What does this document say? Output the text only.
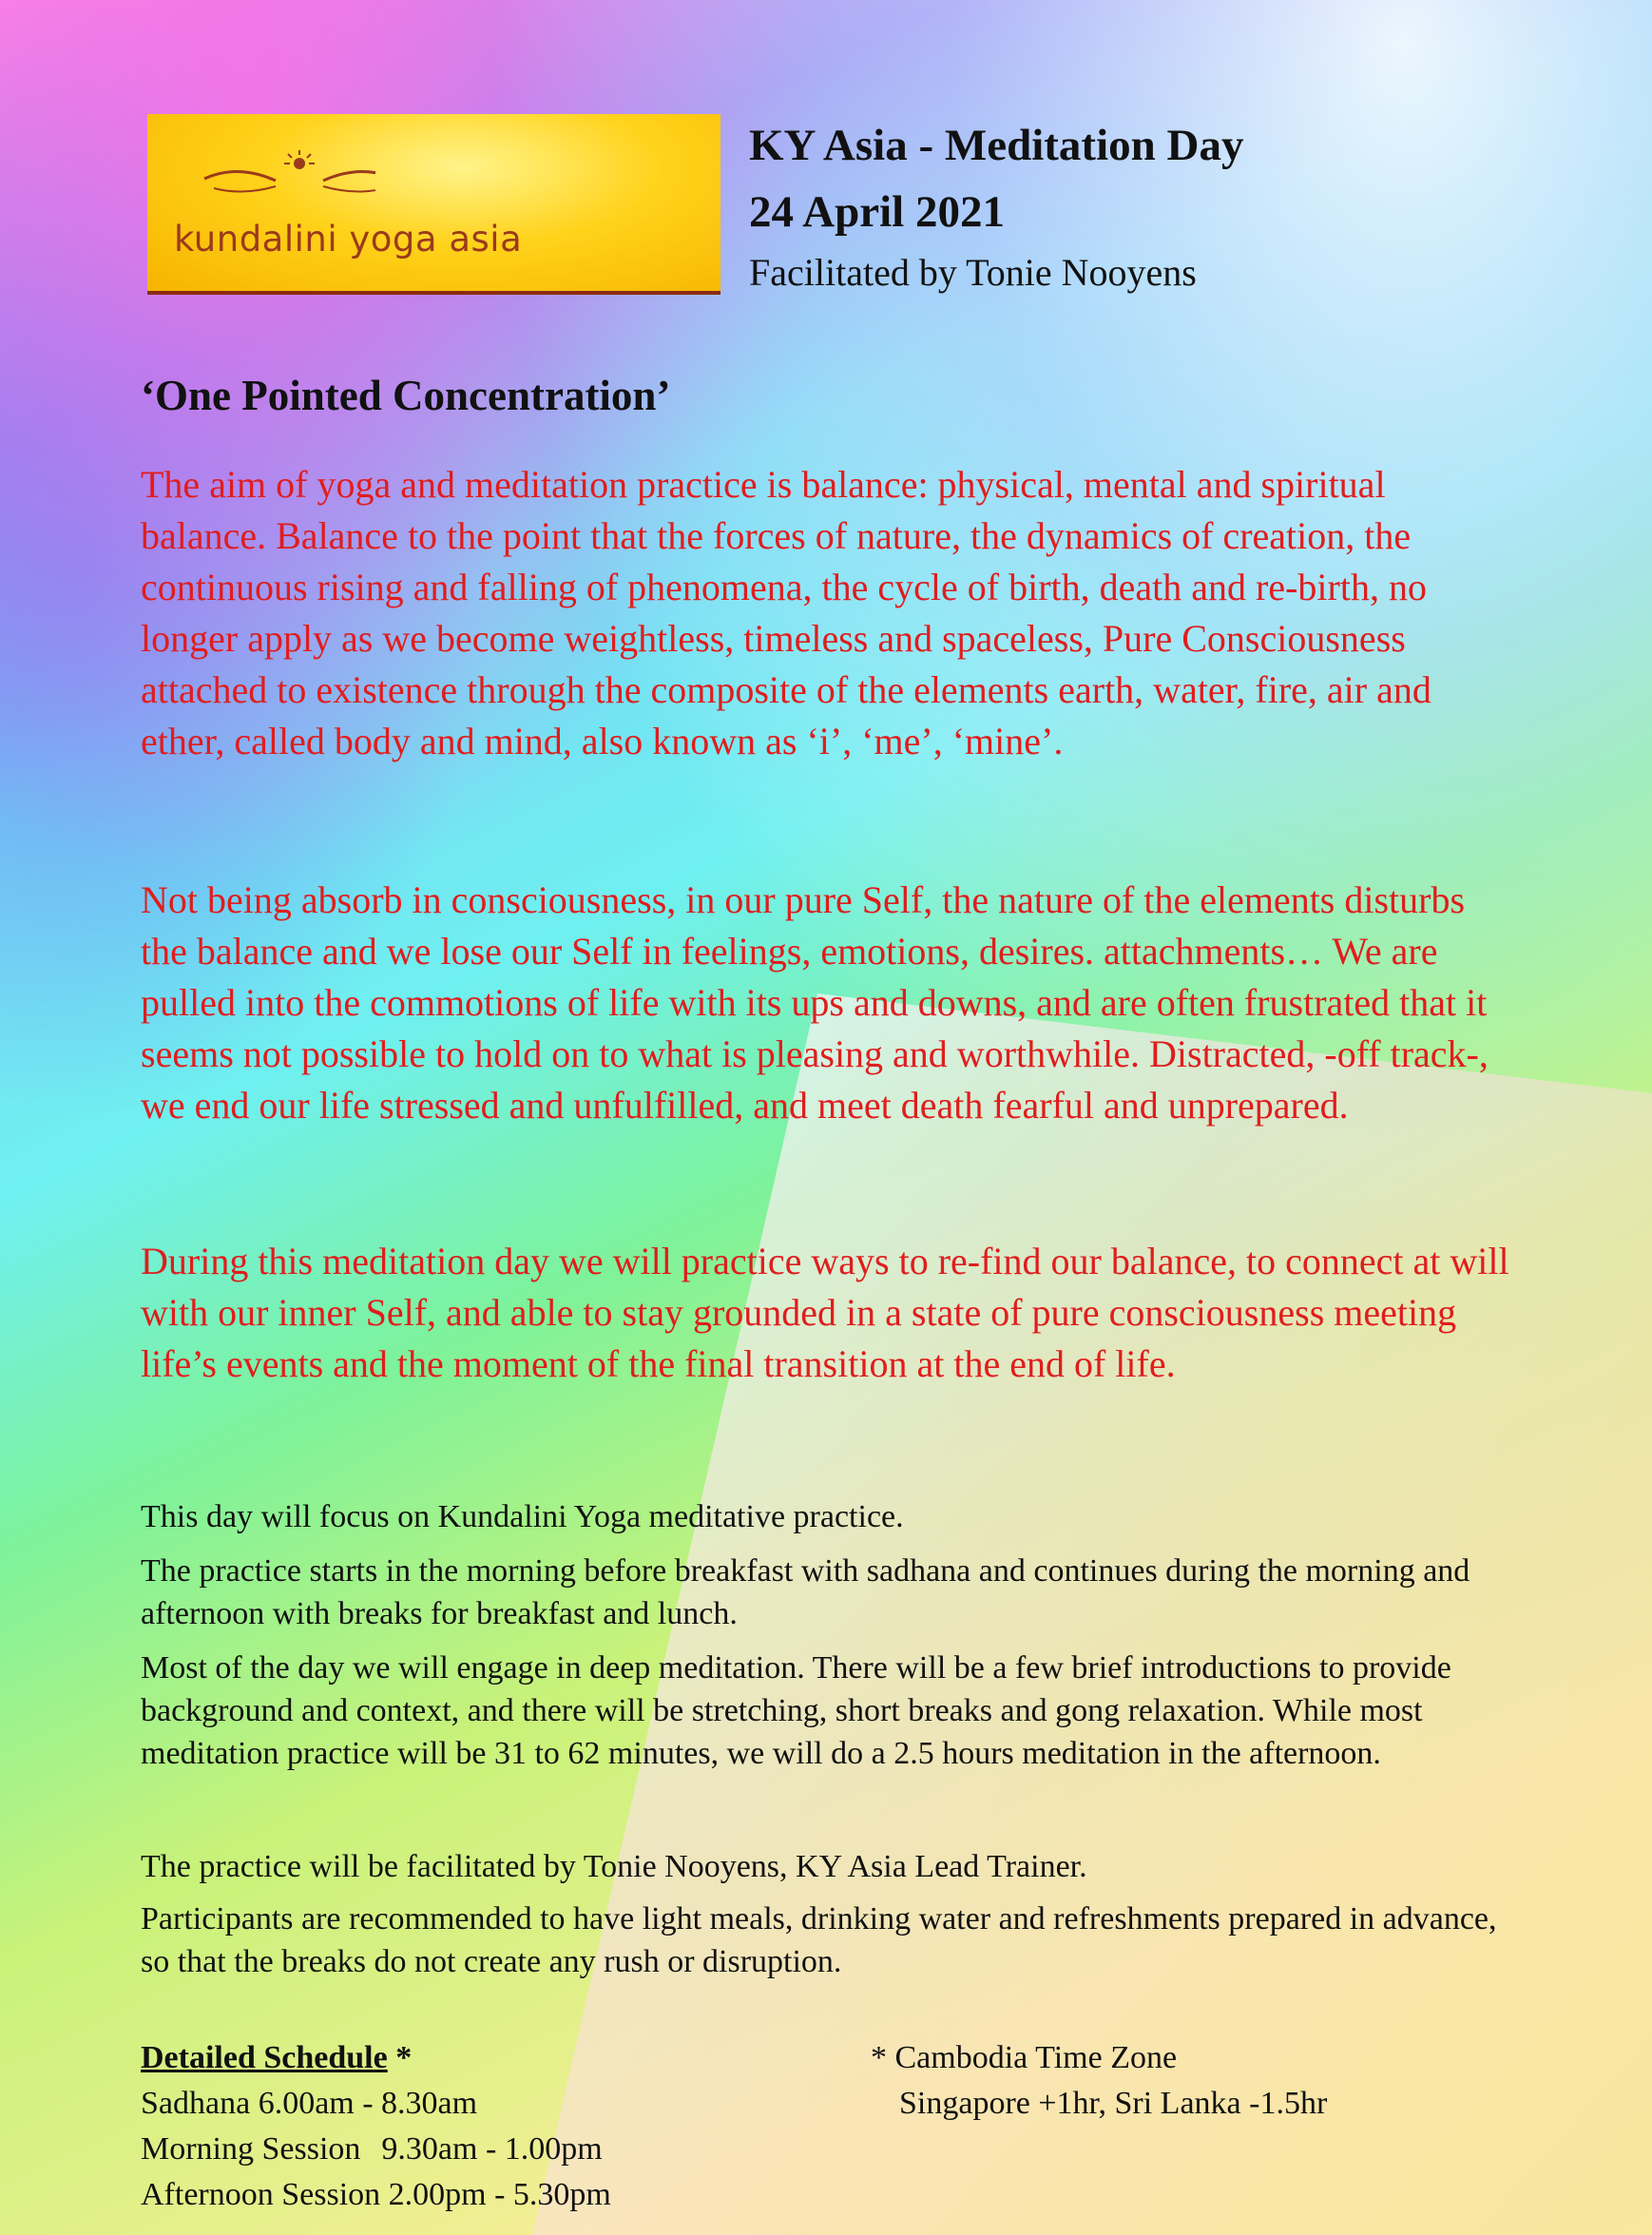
kundalini yoga asia
KY Asia - Meditation Day
24 April 2021
Facilitated by Tonie Nooyens
‘One Pointed Concentration’
The aim of yoga and meditation practice is balance: physical, mental and spiritual balance. Balance to the point that the forces of nature, the dynamics of creation, the continuous rising and falling of phenomena, the cycle of birth, death and re-birth, no longer apply as we become weightless, timeless and spaceless, Pure Consciousness attached to existence through the composite of the elements earth, water, fire, air and ether, called body and mind, also known as ‘i’, ‘me’, ‘mine’.
Not being absorb in consciousness, in our pure Self, the nature of the elements disturbs the balance and we lose our Self in feelings, emotions, desires. attachments… We are pulled into the commotions of life with its ups and downs, and are often frustrated that it seems not possible to hold on to what is pleasing and worthwhile. Distracted, -off track-, we end our life stressed and unfulfilled, and meet death fearful and unprepared.
During this meditation day we will practice ways to re-find our balance, to connect at will with our inner Self, and able to stay grounded in a state of pure consciousness meeting life’s events and the moment of the final transition at the end of life.
This day will focus on Kundalini Yoga meditative practice.
The practice starts in the morning before breakfast with sadhana and continues during the morning and afternoon with breaks for breakfast and lunch.
Most of the day we will engage in deep meditation. There will be a few brief introductions to provide background and context, and there will be stretching, short breaks and gong relaxation. While most meditation practice will be 31 to 62 minutes, we will do a 2.5 hours meditation in the afternoon.
The practice will be facilitated by Tonie Nooyens, KY Asia Lead Trainer.
Participants are recommended to have light meals, drinking water and refreshments prepared in advance, so that the breaks do not create any rush or disruption.
Detailed Schedule *
Sadhana 6.00am - 8.30am
Morning Session 9.30am - 1.00pm
Afternoon Session 2.00pm - 5.30pm
* Cambodia Time Zone
Singapore +1hr, Sri Lanka -1.5hr
